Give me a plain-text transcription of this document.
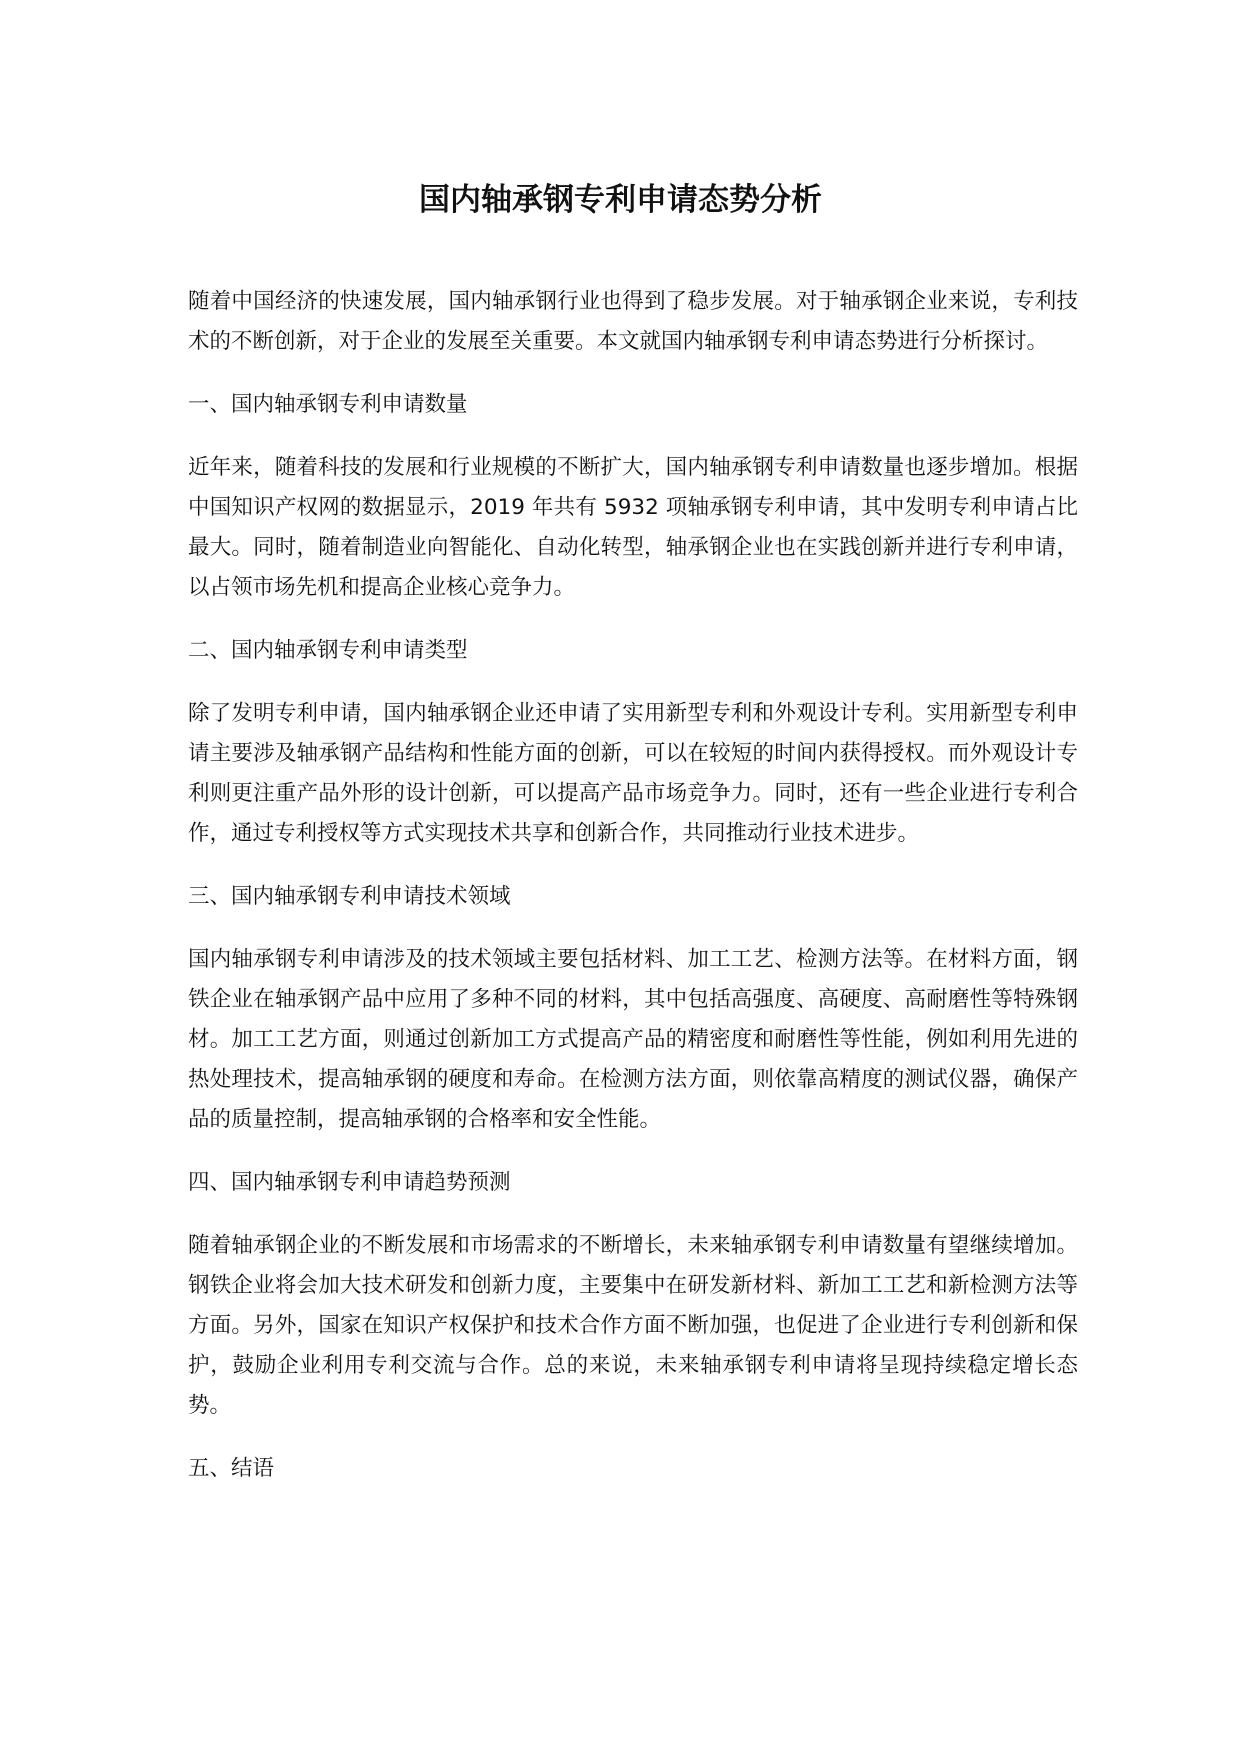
国内轴承钢专利申请态势分析

随着中国经济的快速发展，国内轴承钢行业也得到了稳步发展。对于轴承钢企业来说，专利技术的不断创新，对于企业的发展至关重要。本文就国内轴承钢专利申请态势进行分析探讨。

一、国内轴承钢专利申请数量

近年来，随着科技的发展和行业规模的不断扩大，国内轴承钢专利申请数量也逐步增加。根据中国知识产权网的数据显示，2019 年共有 5932 项轴承钢专利申请，其中发明专利申请占比最大。同时，随着制造业向智能化、自动化转型，轴承钢企业也在实践创新并进行专利申请，以占领市场先机和提高企业核心竞争力。

二、国内轴承钢专利申请类型

除了发明专利申请，国内轴承钢企业还申请了实用新型专利和外观设计专利。实用新型专利申请主要涉及轴承钢产品结构和性能方面的创新，可以在较短的时间内获得授权。而外观设计专利则更注重产品外形的设计创新，可以提高产品市场竞争力。同时，还有一些企业进行专利合作，通过专利授权等方式实现技术共享和创新合作，共同推动行业技术进步。

三、国内轴承钢专利申请技术领域

国内轴承钢专利申请涉及的技术领域主要包括材料、加工工艺、检测方法等。在材料方面，钢铁企业在轴承钢产品中应用了多种不同的材料，其中包括高强度、高硬度、高耐磨性等特殊钢材。加工工艺方面，则通过创新加工方式提高产品的精密度和耐磨性等性能，例如利用先进的热处理技术，提高轴承钢的硬度和寿命。在检测方法方面，则依靠高精度的测试仪器，确保产品的质量控制，提高轴承钢的合格率和安全性能。

四、国内轴承钢专利申请趋势预测

随着轴承钢企业的不断发展和市场需求的不断增长，未来轴承钢专利申请数量有望继续增加。钢铁企业将会加大技术研发和创新力度，主要集中在研发新材料、新加工工艺和新检测方法等方面。另外，国家在知识产权保护和技术合作方面不断加强，也促进了企业进行专利创新和保护，鼓励企业利用专利交流与合作。总的来说，未来轴承钢专利申请将呈现持续稳定增长态势。

五、结语
